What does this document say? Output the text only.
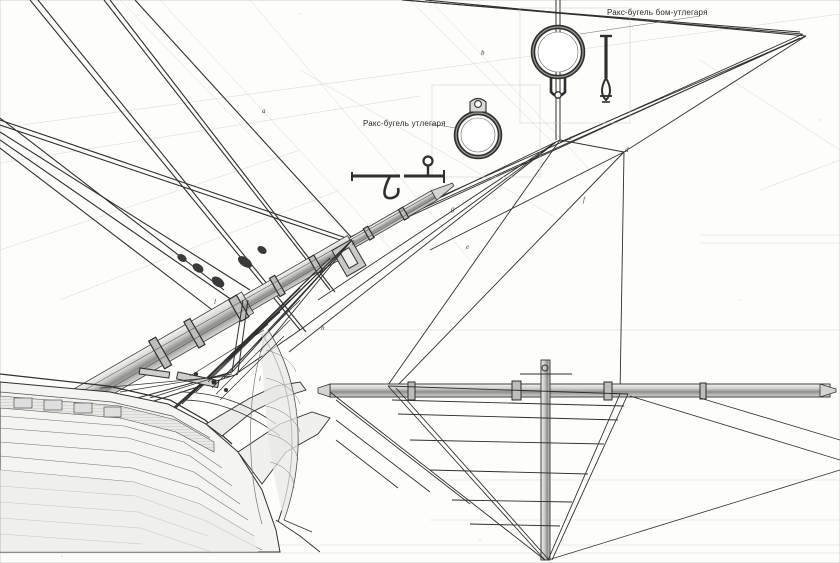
Ракс-бугель утлегаря
Ракс-бугель бом-утлегаря
a
b
c
d
e
f
g
h
i
k
l
